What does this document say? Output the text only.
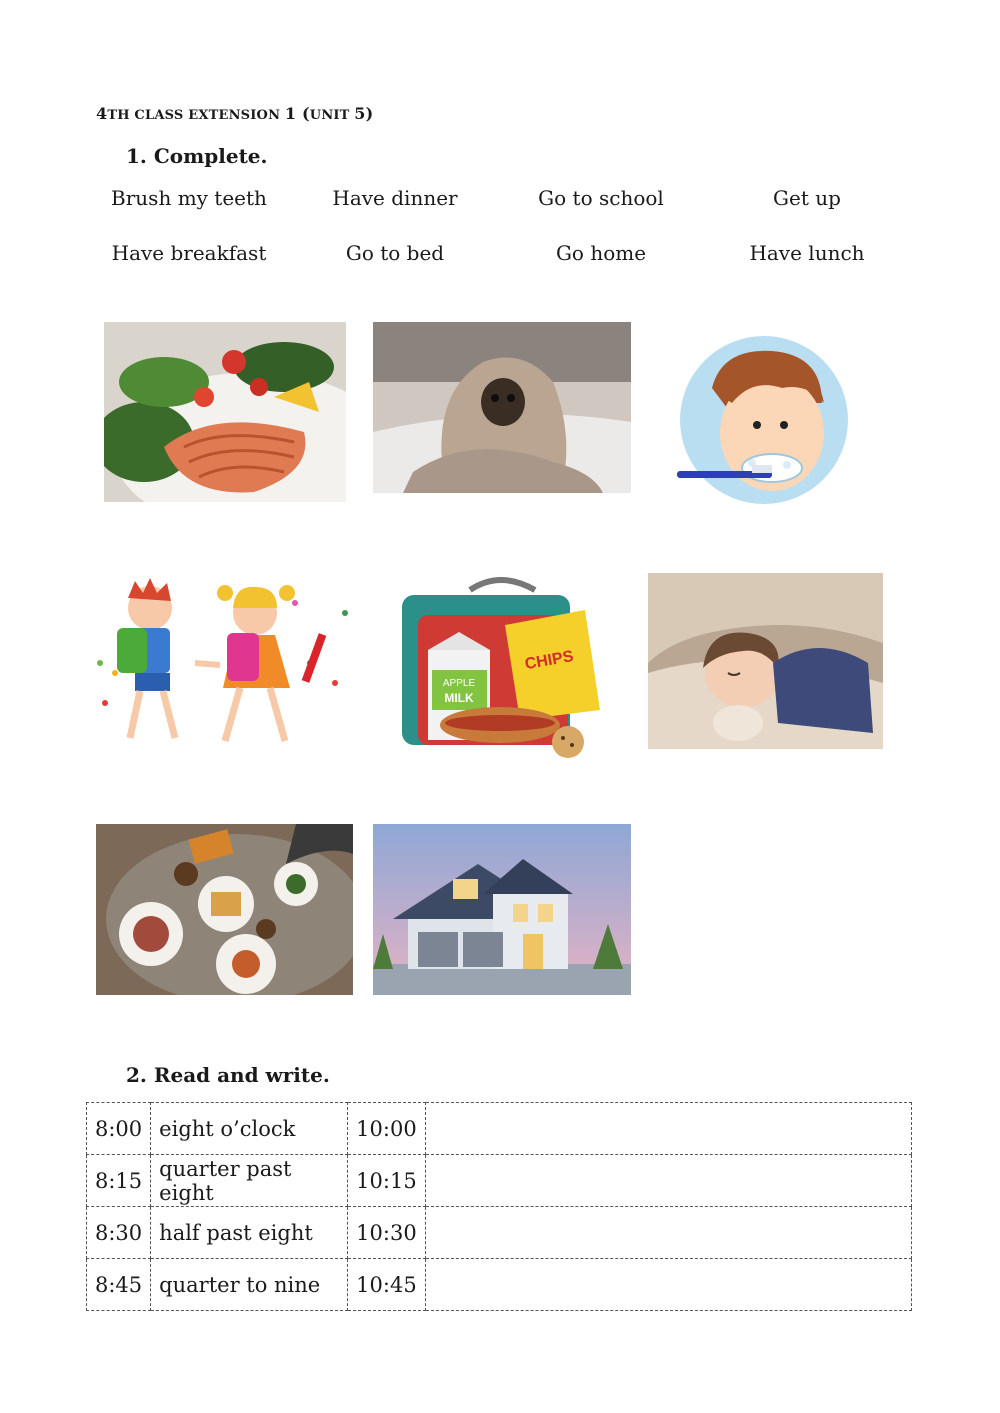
4TH CLASS EXTENSION 1 (UNIT 5)
1. Complete.
Brush my teeth	Have dinner	Go to school	Get up
Have breakfast	Go to bed	Go home	Have lunch
APPLE
MILK
CHIPS
2. Read and write.
8:00	eight o’clock	10:00	
8:15	quarter past eight	10:15	
8:30	half past eight	10:30	
8:45	quarter to nine	10:45	
